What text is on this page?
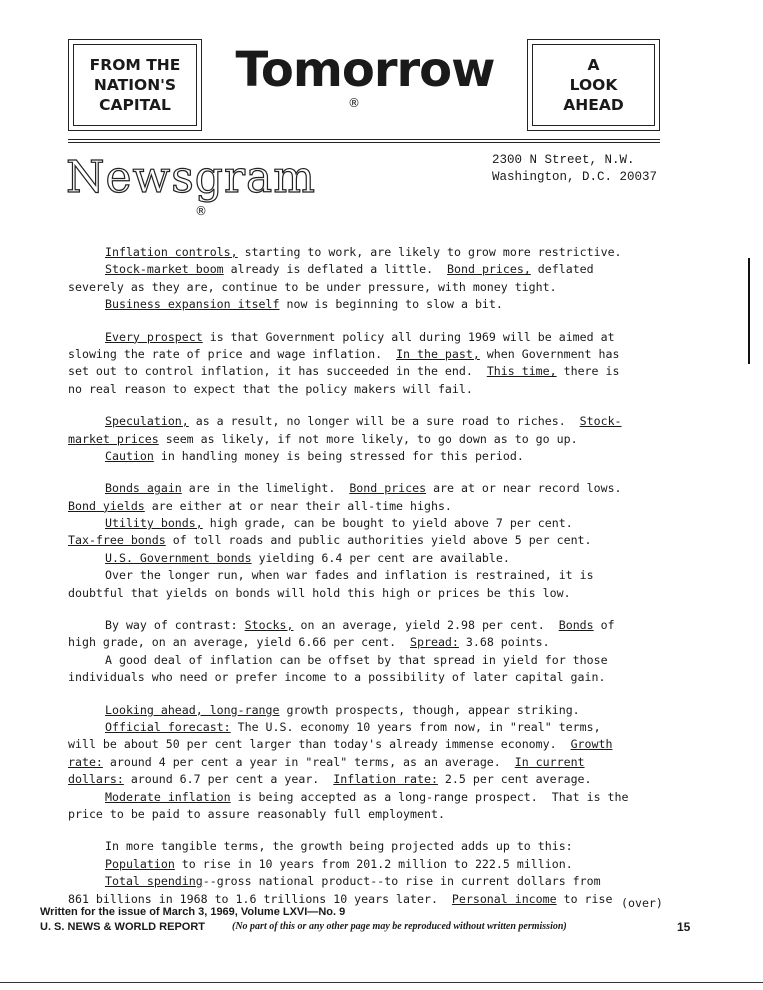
FROM THE
NATION'S
CAPITAL
Tomorrow
®
A
LOOK
AHEAD
Newsgram
®
2300 N Street, N.W.
Washington, D.C. 20037
Inflation controls, starting to work, are likely to grow more restrictive.
Stock-market boom already is deflated a little.  Bond prices, deflated
severely as they are, continue to be under pressure, with money tight.
Business expansion itself now is beginning to slow a bit.
Every prospect is that Government policy all during 1969 will be aimed at
slowing the rate of price and wage inflation.  In the past, when Government has
set out to control inflation, it has succeeded in the end.  This time, there is
no real reason to expect that the policy makers will fail.
Speculation, as a result, no longer will be a sure road to riches.  Stock-
market prices seem as likely, if not more likely, to go down as to go up.
Caution in handling money is being stressed for this period.
Bonds again are in the limelight.  Bond prices are at or near record lows.
Bond yields are either at or near their all-time highs.
Utility bonds, high grade, can be bought to yield above 7 per cent.
Tax-free bonds of toll roads and public authorities yield above 5 per cent.
U.S. Government bonds yielding 6.4 per cent are available.
Over the longer run, when war fades and inflation is restrained, it is
doubtful that yields on bonds will hold this high or prices be this low.
By way of contrast: Stocks, on an average, yield 2.98 per cent.  Bonds of
high grade, on an average, yield 6.66 per cent.  Spread: 3.68 points.
A good deal of inflation can be offset by that spread in yield for those
individuals who need or prefer income to a possibility of later capital gain.
Looking ahead, long-range growth prospects, though, appear striking.
Official forecast: The U.S. economy 10 years from now, in "real" terms,
will be about 50 per cent larger than today's already immense economy.  Growth
rate: around 4 per cent a year in "real" terms, as an average.  In current
dollars: around 6.7 per cent a year.  Inflation rate: 2.5 per cent average.
Moderate inflation is being accepted as a long-range prospect.  That is the
price to be paid to assure reasonably full employment.
In more tangible terms, the growth being projected adds up to this:
Population to rise in 10 years from 201.2 million to 222.5 million.
Total spending--gross national product--to rise in current dollars from
861 billions in 1968 to 1.6 trillions 10 years later.  Personal income to rise (over)
Written for the issue of March 3, 1969, Volume LXVI—No. 9
U. S. NEWS & WORLD REPORT	(No part of this or any other page may be reproduced without written permission)	15
